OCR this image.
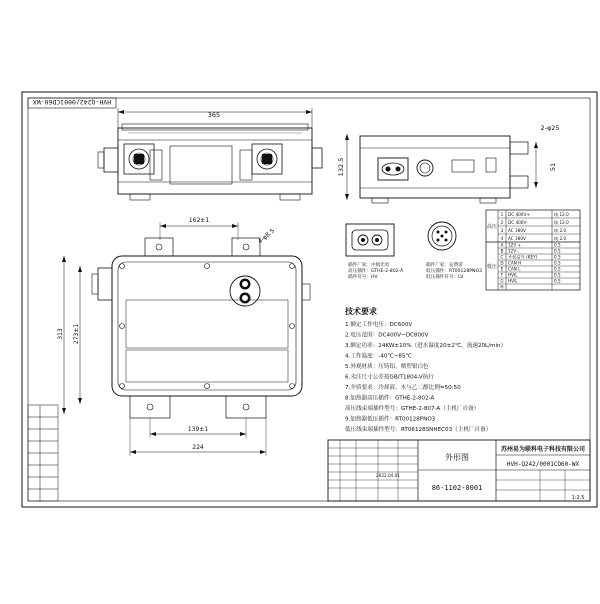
HVH-Q242/0001CD60-WX
365
132.5
2-φ25
51
插件厂家：中航光电
高压插件：GTHE-2-802-A
插件符号：HV
插件厂家：安费诺
低压插件：RT00128PNO3
低压插件符号：LV
高压
低压
1 DC 400V+	线 12.0
2 DC 400V-	线 12.0
3 AC 380V	线 2.0
4 AC 380V	线 2.0
A 12V +	0.5
B 12V -	0.5
C 开机信号 (KEY)	0.5
D CAN H	0.5
E CAN L	0.5
F HVIL	0.5
G HVIL	0.5
H
162±1
4-φ8.5
313 273±1
139±1
224
技术要求
1.额定工作电压：DC600V
2.电压范围：DC400V~DC800V
3.额定功率：24KW±10%（进水温度20±2℃，流速20L/min）
4.工作温度：-40℃~85℃
5.外观材质：压铸铝，喷塑银白色
6.未注尺寸公差按GB/T1804-V执行
7.介质要求：冷却液，水与乙二醇比例=50:50
8.加热器高压插件：GTHE-2-802-A
高压线束端插件型号：GTHE-2-807-A（主机厂自备）
9.加热器低压插件：RT00128PNO3
低压线束端插件型号：RT06128SNHEC03（主机厂自备）
苏州易为联科电子科技有限公司
HVH-Q242/0001CD60-WX
外形图
86-1102-0001
1:2.5
2022.04.01
